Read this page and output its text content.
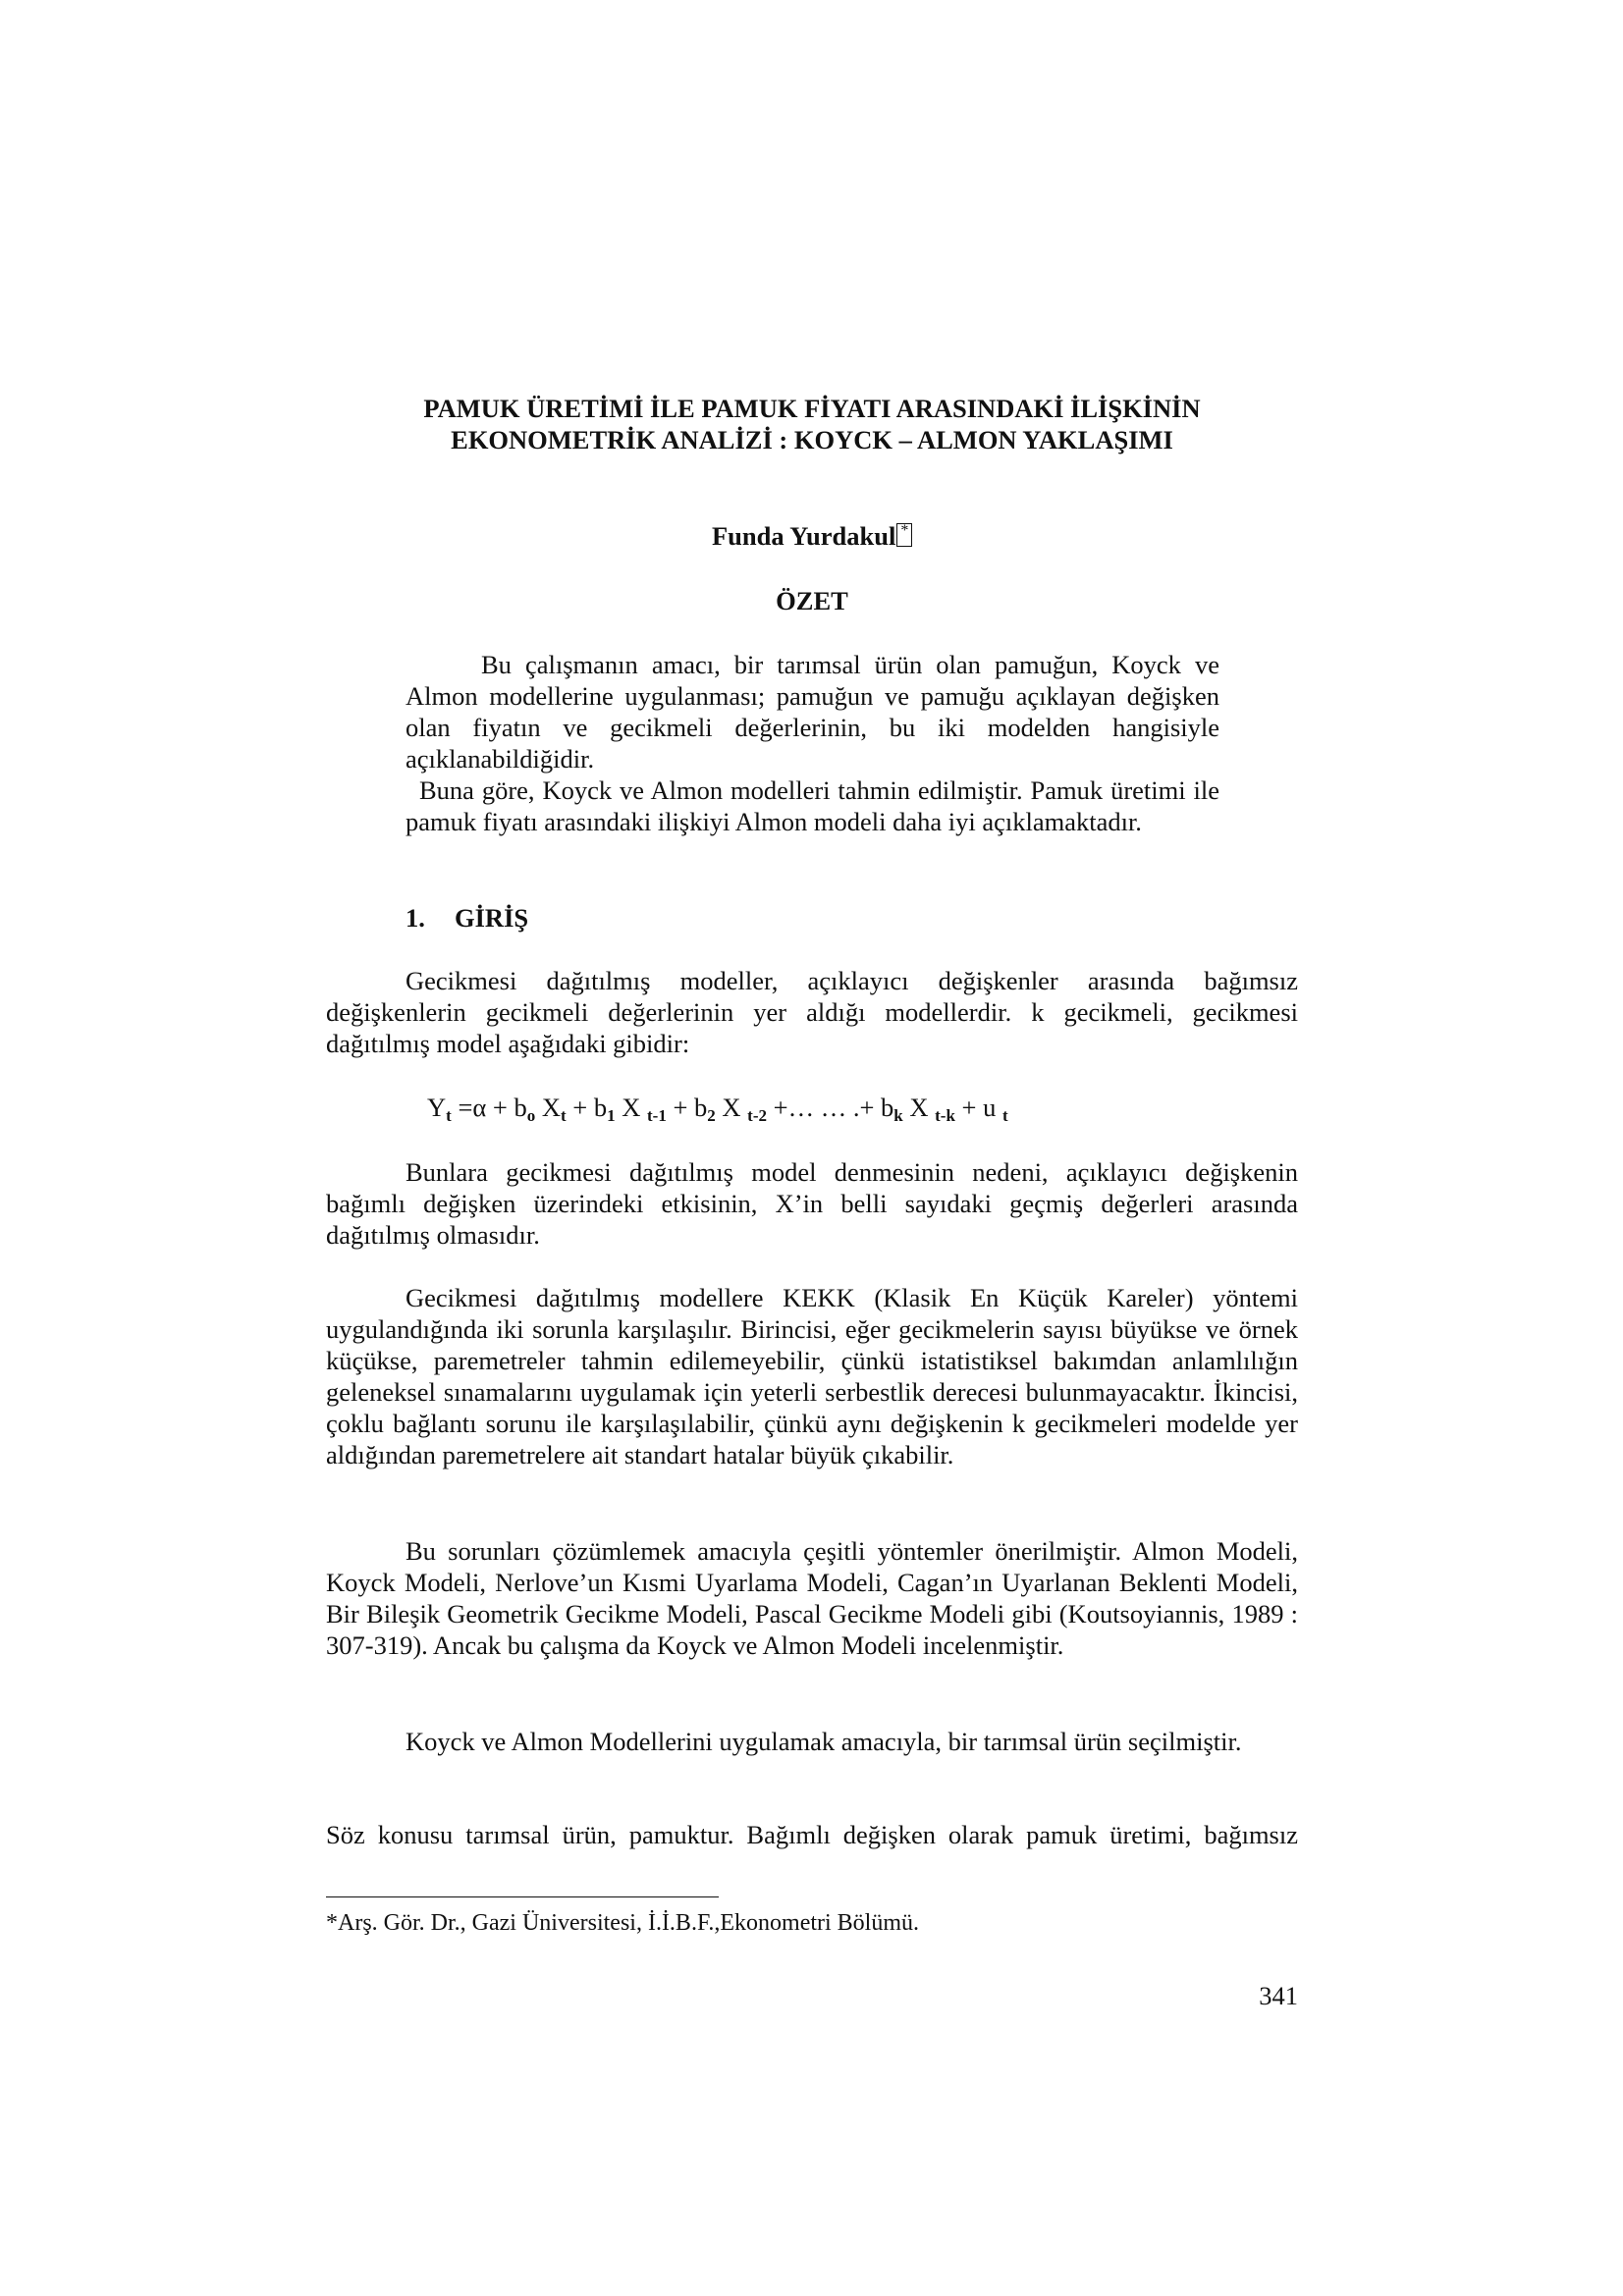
PAMUK ÜRETİMİ İLE PAMUK FİYATI ARASINDAKİ İLİŞKİNİN
EKONOMETRİK ANALİZİ : KOYCK – ALMON YAKLAŞIMI
Funda Yurdakul *
ÖZET

Bu çalışmanın amacı, bir tarımsal ürün olan pamuğun, Koyck ve Almon modellerine uygulanması; pamuğun ve pamuğu açıklayan değişken olan fiyatın ve gecikmeli değerlerinin, bu iki modelden hangisiyle açıklanabildiğidir.

Buna göre, Koyck ve Almon modelleri tahmin edilmiştir. Pamuk üretimi ile pamuk fiyatı arasındaki ilişkiyi Almon modeli daha iyi açıklamaktadır.

1. GİRİŞ

Gecikmesi dağıtılmış modeller, açıklayıcı değişkenler arasında bağımsız değişkenlerin gecikmeli değerlerinin yer aldığı modellerdir. k gecikmeli, gecikmesi dağıtılmış model aşağıdaki gibidir:

$Y_t =\alpha + b_o$ $X_t + b_1$ X $_{t-1} + b_2$ X $_{t-2}$ +… … .+ $b_k$ X $_{t-k}$ + u $_t$

Bunlara gecikmesi dağıtılmış model denmesinin nedeni, açıklayıcı değişkenin bağımlı değişken üzerindeki etkisinin, X’in belli sayıdaki geçmiş değerleri arasında dağıtılmış olmasıdır.

Gecikmesi dağıtılmış modellere KEKK (Klasik En Küçük Kareler) yöntemi uygulandığında iki sorunla karşılaşılır. Birincisi, eğer gecikmelerin sayısı büyükse ve örnek küçükse, paremetreler tahmin edilemeyebilir, çünkü istatistiksel bakımdan anlamlılığın geleneksel sınamalarını uygulamak için yeterli serbestlik derecesi bulunmayacaktır. İkincisi, çoklu bağlantı sorunu ile karşılaşılabilir, çünkü aynı değişkenin k gecikmeleri modelde yer aldığından paremetrelere ait standart hatalar büyük çıkabilir.

Bu sorunları çözümlemek amacıyla çeşitli yöntemler önerilmiştir. Almon Modeli, Koyck Modeli, Nerlove’un Kısmi Uyarlama Modeli, Cagan’ın Uyarlanan Beklenti Modeli, Bir Bileşik Geometrik Gecikme Modeli, Pascal Gecikme Modeli gibi (Koutsoyiannis, 1989 : 307-319). Ancak bu çalışma da Koyck ve Almon Modeli incelenmiştir.

Koyck ve Almon Modellerini uygulamak amacıyla, bir tarımsal ürün seçilmiştir.

Söz konusu tarımsal ürün, pamuktur. Bağımlı değişken olarak pamuk üretimi, bağımsız

*Arş. Gör. Dr., Gazi Üniversitesi, İ.İ.B.F.,Ekonometri Bölümü.
341
